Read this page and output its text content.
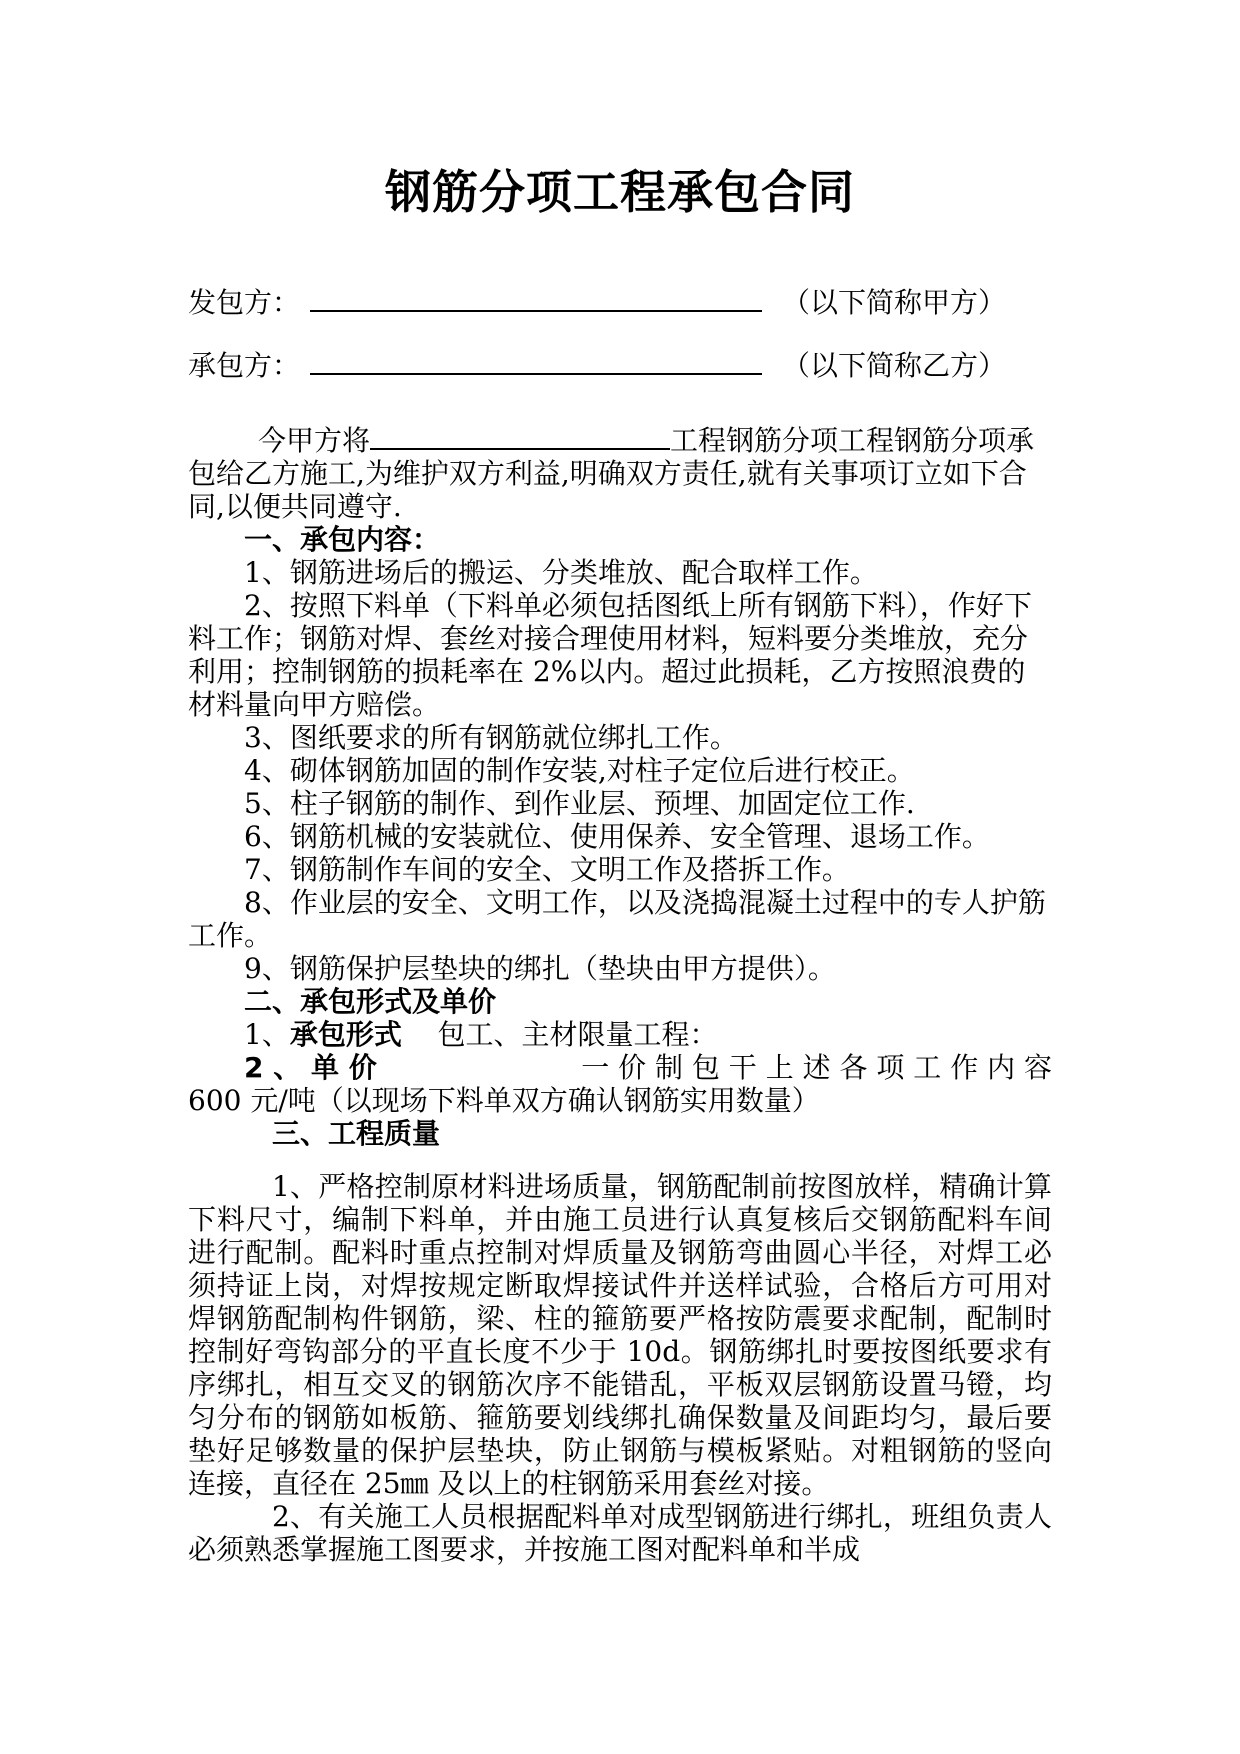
钢筋分项工程承包合同
发包方：	（以下简称甲方）
承包方：	（以下简称乙方）

今甲方将	工程钢筋分项工程钢筋分项承包给乙方施工,为维护双方利益,明确双方责任,就有关事项订立如下合同,以便共同遵守.

一、承包内容：

1、钢筋进场后的搬运、分类堆放、配合取样工作。

2、按照下料单（下料单必须包括图纸上所有钢筋下料），作好下料工作；钢筋对焊、套丝对接合理使用材料，短料要分类堆放，充分利用；控制钢筋的损耗率在 2%以内。超过此损耗，乙方按照浪费的材料量向甲方赔偿。

3、图纸要求的所有钢筋就位绑扎工作。

4、砌体钢筋加固的制作安装,对柱子定位后进行校正。

5、柱子钢筋的制作、到作业层、预埋、加固定位工作.

6、钢筋机械的安装就位、使用保养、安全管理、退场工作。

7、钢筋制作车间的安全、文明工作及搭拆工作。

8、作业层的安全、文明工作，以及浇捣混凝土过程中的专人护筋工作。

9、钢筋保护层垫块的绑扎（垫块由甲方提供）。

二、承包形式及单价

1、承包形式 包工、主材限量工程：

2 、 单 价	一 价 制 包 干 上 述 各 项 工 作 内 容

600 元/吨（以现场下料单双方确认钢筋实用数量）

三、工程质量

1、严格控制原材料进场质量，钢筋配制前按图放样，精确计算下料尺寸，编制下料单，并由施工员进行认真复核后交钢筋配料车间进行配制。配料时重点控制对焊质量及钢筋弯曲圆心半径，对焊工必须持证上岗，对焊按规定断取焊接试件并送样试验，合格后方可用对焊钢筋配制构件钢筋，梁、柱的箍筋要严格按防震要求配制，配制时控制好弯钩部分的平直长度不少于 10d。钢筋绑扎时要按图纸要求有序绑扎，相互交叉的钢筋次序不能错乱，平板双层钢筋设置马镫，均匀分布的钢筋如板筋、箍筋要划线绑扎确保数量及间距均匀，最后要垫好足够数量的保护层垫块，防止钢筋与模板紧贴。对粗钢筋的竖向连接，直径在 25㎜ 及以上的柱钢筋采用套丝对接。

2、有关施工人员根据配料单对成型钢筋进行绑扎，班组负责人必须熟悉掌握施工图要求，并按施工图对配料单和半成
